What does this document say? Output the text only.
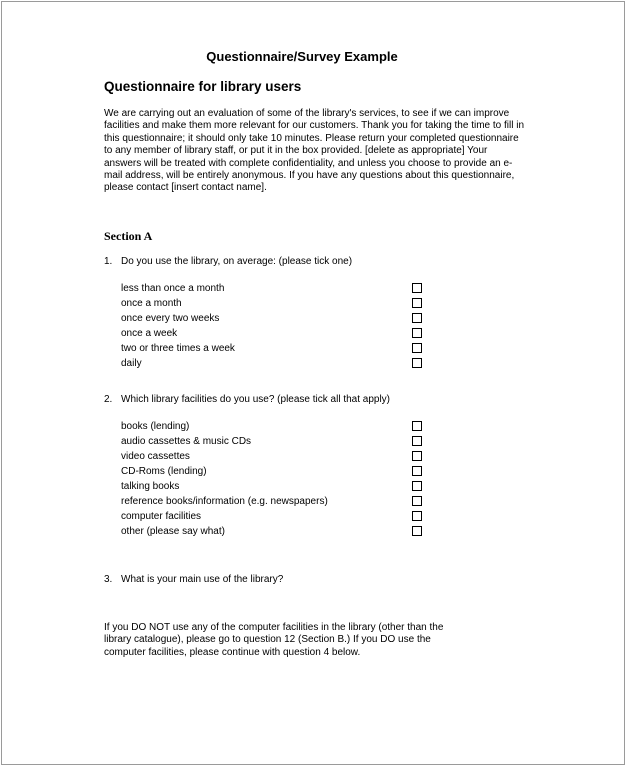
Questionnaire/Survey Example
Questionnaire for library users

We are carrying out an evaluation of some of the library's services, to see if we can improve facilities and make them more relevant for our customers. Thank you for taking the time to fill in this questionnaire; it should only take 10 minutes. Please return your completed questionnaire to any member of library staff, or put it in the box provided. [delete as appropriate] Your answers will be treated with complete confidentiality, and unless you choose to provide an e-mail address, will be entirely anonymous. If you have any questions about this questionnaire, please contact [insert contact name].

Section A
1. Do you use the library, on average: (please tick one)
less than once a month
once a month
once every two weeks
once a week
two or three times a week
daily
2. Which library facilities do you use? (please tick all that apply)
books (lending)
audio cassettes & music CDs
video cassettes
CD-Roms (lending)
talking books
reference books/information (e.g. newspapers)
computer facilities
other (please say what)
3. What is your main use of the library?

If you DO NOT use any of the computer facilities in the library (other than the library catalogue), please go to question 12 (Section B.) If you DO use the computer facilities, please continue with question 4 below.
